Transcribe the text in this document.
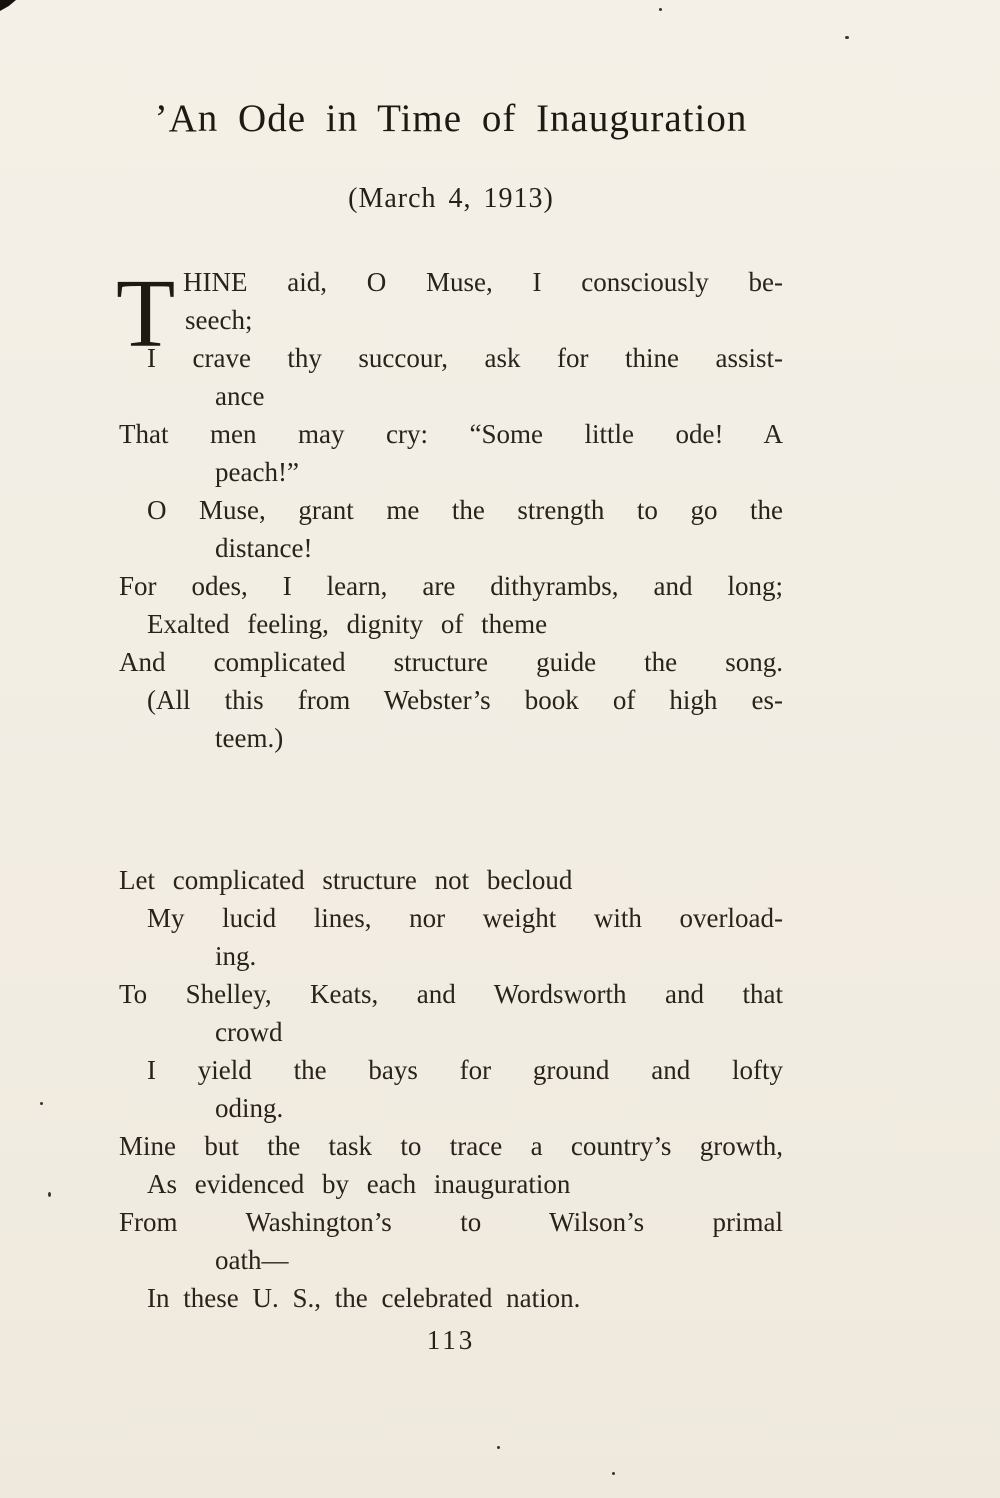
’An Ode in Time of Inauguration
(March 4, 1913)
T HINE aid, O Muse, I consciously be-
seech;
I crave thy succour, ask for thine assist-
ance
That men may cry: “Some little ode! A
peach!”
O Muse, grant me the strength to go the
distance!
For odes, I learn, are dithyrambs, and long;
Exalted feeling, dignity of theme
And complicated structure guide the song.
(All this from Webster’s book of high es-
teem.)
Let complicated structure not becloud
My lucid lines, nor weight with overload-
ing.
To Shelley, Keats, and Wordsworth and that
crowd
I yield the bays for ground and lofty
oding.
Mine but the task to trace a country’s growth,
As evidenced by each inauguration
From Washington’s to Wilson’s primal
oath—
In these U. S., the celebrated nation.
113
